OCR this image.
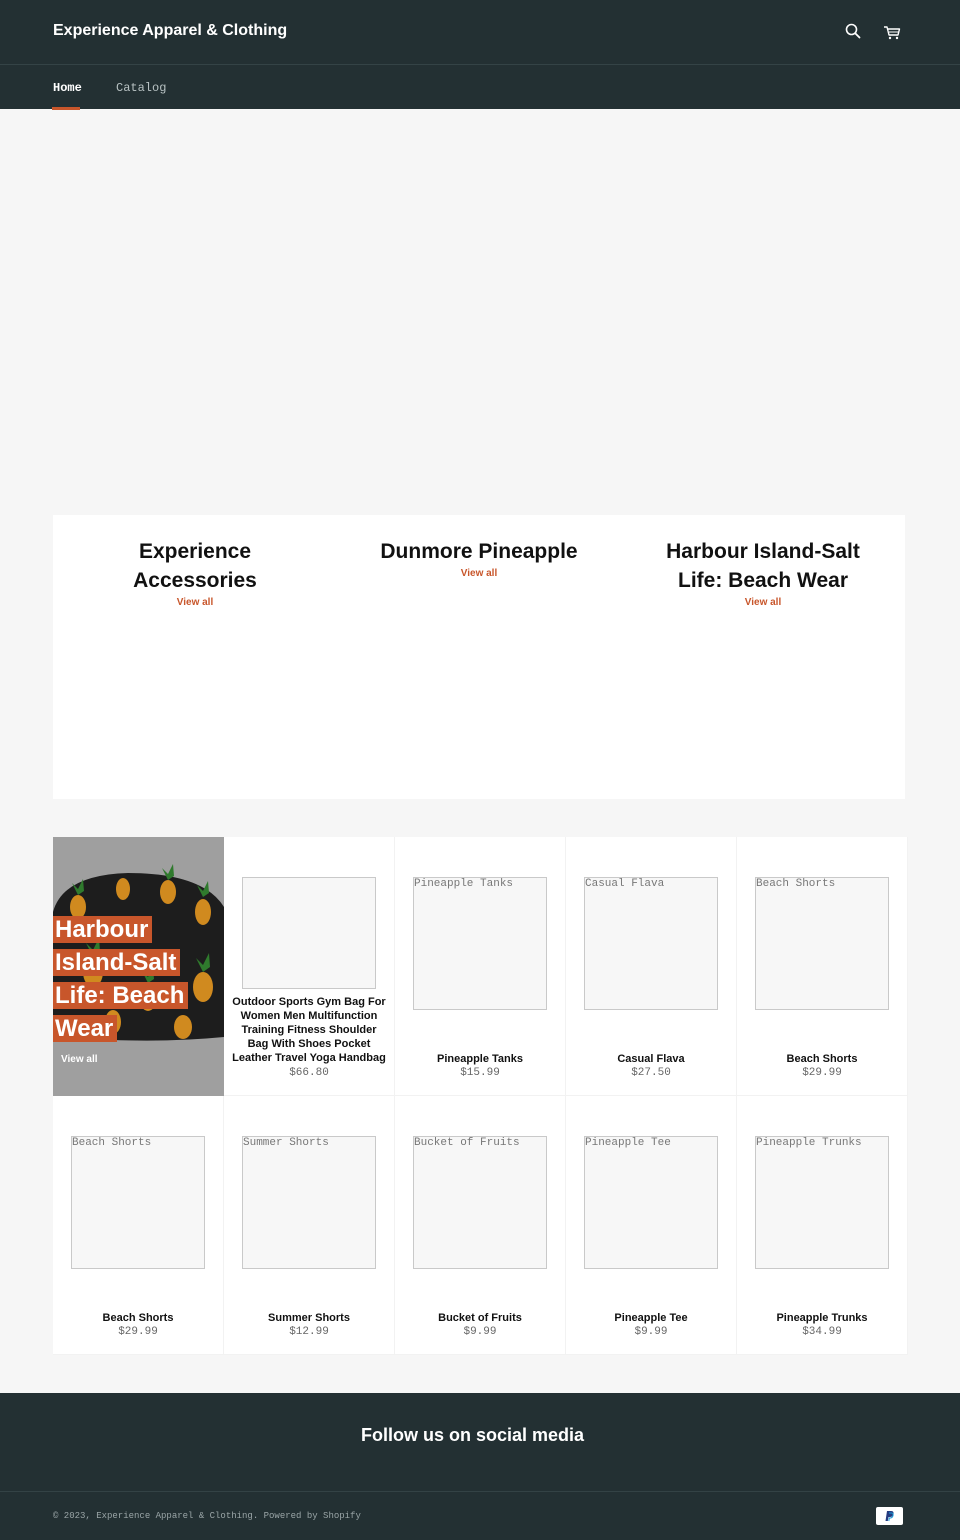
Experience Apparel & Clothing
Home	Catalog
Experience Accessories
View all
Dunmore Pineapple
View all
Harbour Island-Salt Life: Beach Wear
View all
Harbour Island-Salt Life: Beach Wear
View all
Outdoor Sports Gym Bag For Women Men Multifunction Training Fitness Shoulder Bag With Shoes Pocket Leather Travel Yoga Handbag
$66.80
Pineapple Tanks
Pineapple Tanks
$15.99
Casual Flava
Casual Flava
$27.50
Beach Shorts
Beach Shorts
$29.99
Beach Shorts
Beach Shorts
$29.99
Summer Shorts
Summer Shorts
$12.99
Bucket of Fruits
Bucket of Fruits
$9.99
Pineapple Tee
Pineapple Tee
$9.99
Pineapple Trunks
Pineapple Trunks
$34.99
Follow us on social media
© 2023, Experience Apparel & Clothing. Powered by Shopify
